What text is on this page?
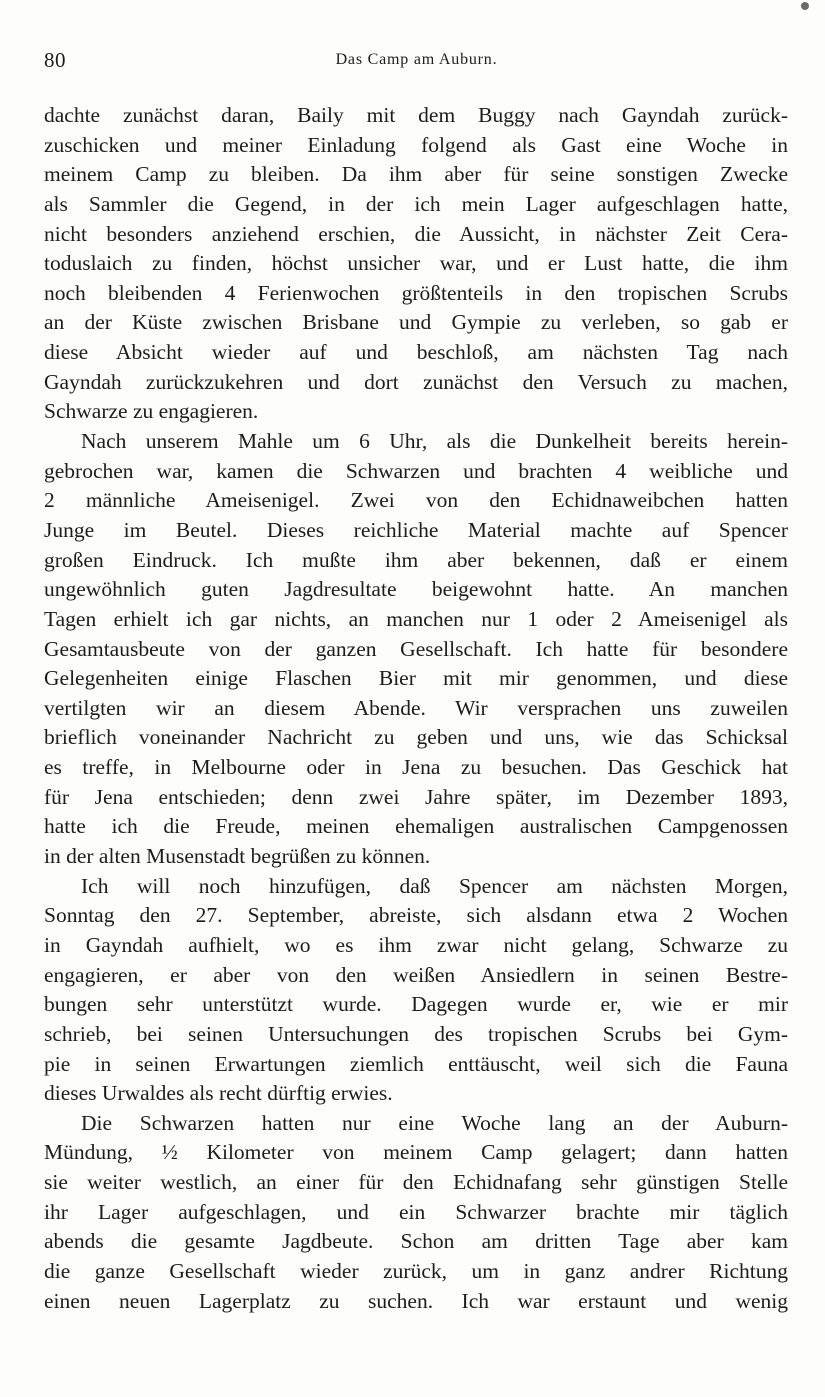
80	Das Camp am Auburn.
dachte zunächst daran, Baily mit dem Buggy nach Gayndah zurück-
zuschicken und meiner Einladung folgend als Gast eine Woche in
meinem Camp zu bleiben. Da ihm aber für seine sonstigen Zwecke
als Sammler die Gegend, in der ich mein Lager aufgeschlagen hatte,
nicht besonders anziehend erschien, die Aussicht, in nächster Zeit Cera-
toduslaich zu finden, höchst unsicher war, und er Lust hatte, die ihm
noch bleibenden 4 Ferienwochen größtenteils in den tropischen Scrubs
an der Küste zwischen Brisbane und Gympie zu verleben, so gab er
diese Absicht wieder auf und beschloß, am nächsten Tag nach
Gayndah zurückzukehren und dort zunächst den Versuch zu machen,
Schwarze zu engagieren.
Nach unserem Mahle um 6 Uhr, als die Dunkelheit bereits herein-
gebrochen war, kamen die Schwarzen und brachten 4 weibliche und
2 männliche Ameisenigel. Zwei von den Echidnaweibchen hatten
Junge im Beutel. Dieses reichliche Material machte auf Spencer
großen Eindruck. Ich mußte ihm aber bekennen, daß er einem
ungewöhnlich guten Jagdresultate beigewohnt hatte. An manchen
Tagen erhielt ich gar nichts, an manchen nur 1 oder 2 Ameisenigel als
Gesamtausbeute von der ganzen Gesellschaft. Ich hatte für besondere
Gelegenheiten einige Flaschen Bier mit mir genommen, und diese
vertilgten wir an diesem Abende. Wir versprachen uns zuweilen
brieflich voneinander Nachricht zu geben und uns, wie das Schicksal
es treffe, in Melbourne oder in Jena zu besuchen. Das Geschick hat
für Jena entschieden; denn zwei Jahre später, im Dezember 1893,
hatte ich die Freude, meinen ehemaligen australischen Campgenossen
in der alten Musenstadt begrüßen zu können.
Ich will noch hinzufügen, daß Spencer am nächsten Morgen,
Sonntag den 27. September, abreiste, sich alsdann etwa 2 Wochen
in Gayndah aufhielt, wo es ihm zwar nicht gelang, Schwarze zu
engagieren, er aber von den weißen Ansiedlern in seinen Bestre-
bungen sehr unterstützt wurde. Dagegen wurde er, wie er mir
schrieb, bei seinen Untersuchungen des tropischen Scrubs bei Gym-
pie in seinen Erwartungen ziemlich enttäuscht, weil sich die Fauna
dieses Urwaldes als recht dürftig erwies.
Die Schwarzen hatten nur eine Woche lang an der Auburn-
Mündung, ½ Kilometer von meinem Camp gelagert; dann hatten
sie weiter westlich, an einer für den Echidnafang sehr günstigen Stelle
ihr Lager aufgeschlagen, und ein Schwarzer brachte mir täglich
abends die gesamte Jagdbeute. Schon am dritten Tage aber kam
die ganze Gesellschaft wieder zurück, um in ganz andrer Richtung
einen neuen Lagerplatz zu suchen. Ich war erstaunt und wenig
